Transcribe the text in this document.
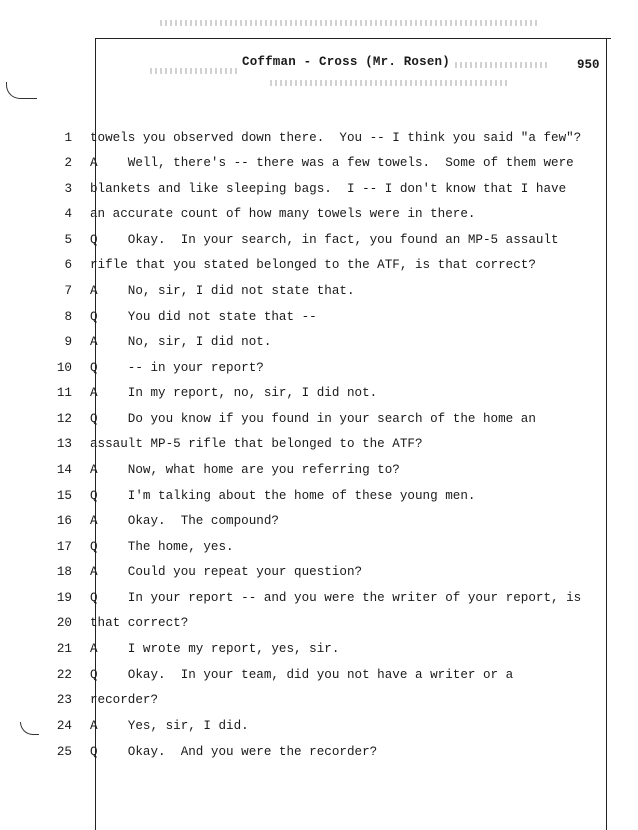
Coffman - Cross (Mr. Rosen)	950
1 towels you observed down there.  You -- I think you said "a few"?
2 A    Well, there's -- there was a few towels.  Some of them were
3 blankets and like sleeping bags.  I -- I don't know that I have
4 an accurate count of how many towels were in there.
5 Q    Okay.  In your search, in fact, you found an MP-5 assault
6 rifle that you stated belonged to the ATF, is that correct?
7 A    No, sir, I did not state that.
8 Q    You did not state that --
9 A    No, sir, I did not.
10 Q    -- in your report?
11 A    In my report, no, sir, I did not.
12 Q    Do you know if you found in your search of the home an
13 assault MP-5 rifle that belonged to the ATF?
14 A    Now, what home are you referring to?
15 Q    I'm talking about the home of these young men.
16 A    Okay.  The compound?
17 Q    The home, yes.
18 A    Could you repeat your question?
19 Q    In your report -- and you were the writer of your report, is
20 that correct?
21 A    I wrote my report, yes, sir.
22 Q    Okay.  In your team, did you not have a writer or a
23 recorder?
24 A    Yes, sir, I did.
25 Q    Okay.  And you were the recorder?
